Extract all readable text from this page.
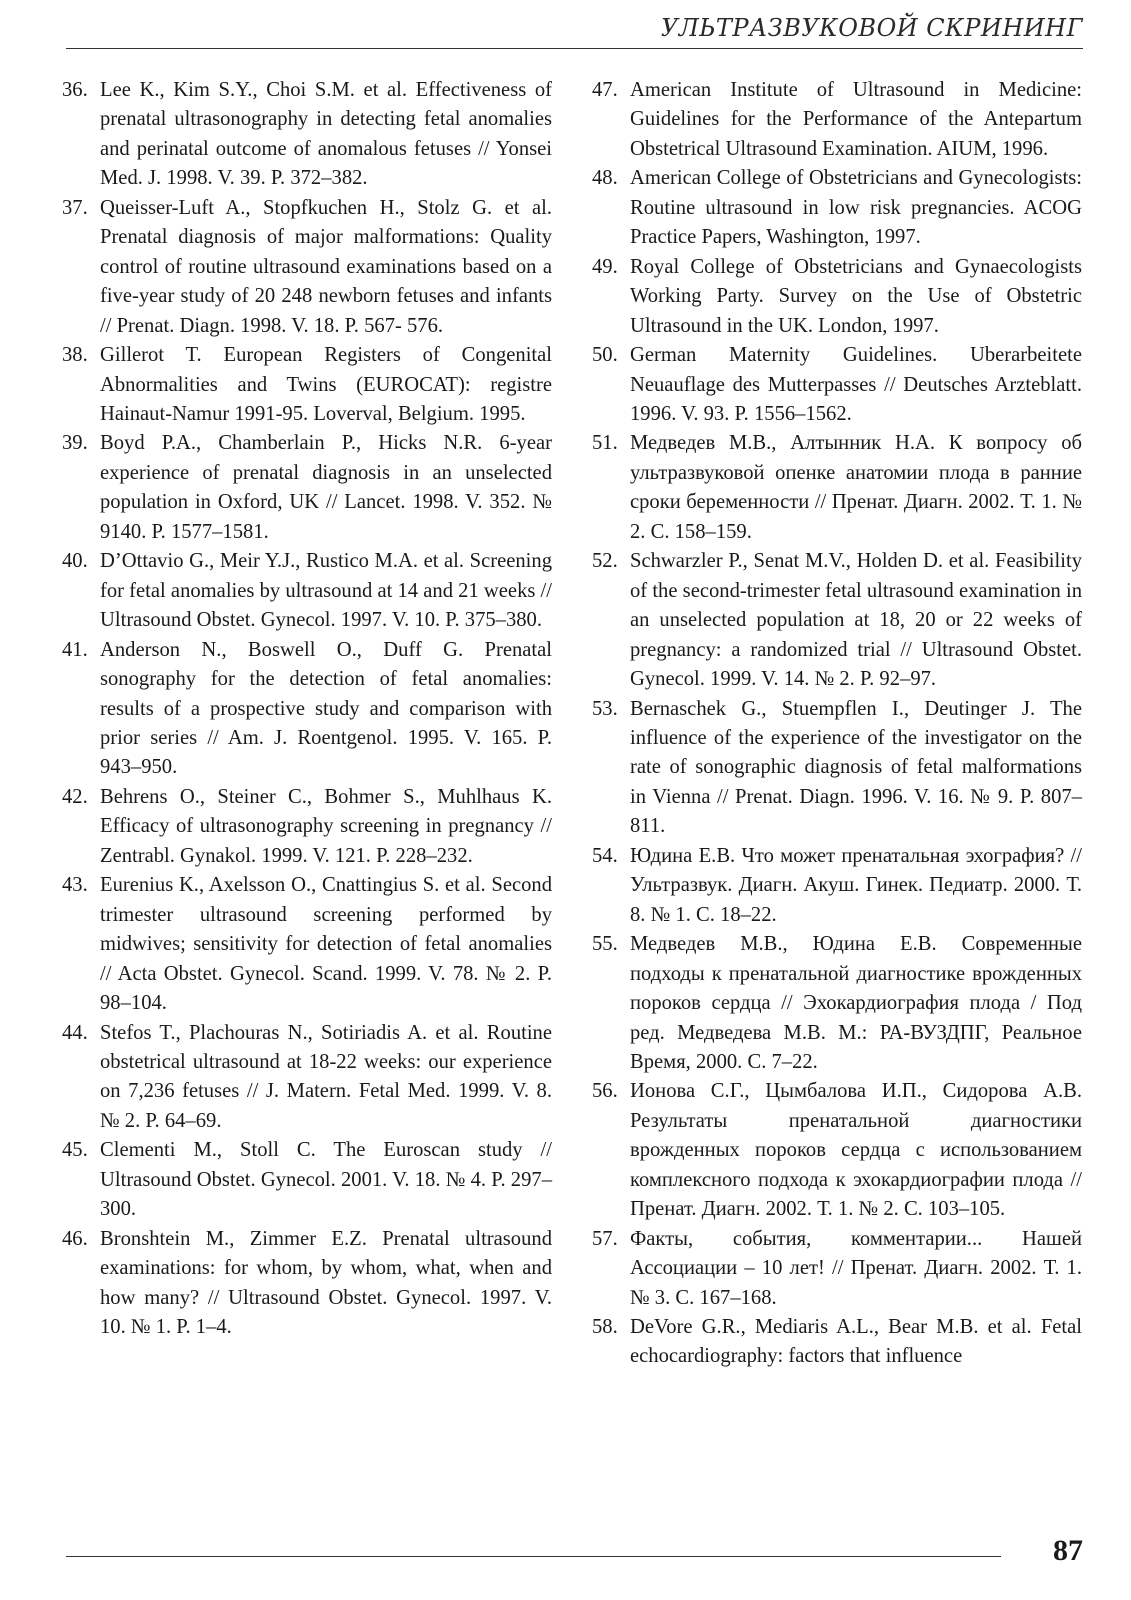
УЛЬТРАЗВУКОВОЙ СКРИНИНГ
36. Lee K., Kim S.Y., Choi S.M. et al. Effectiveness of prenatal ultrasonography in detecting fetal anomalies and perinatal outcome of anomalous fetuses // Yonsei Med. J. 1998. V. 39. P. 372–382.
37. Queisser-Luft A., Stopfkuchen H., Stolz G. et al. Prenatal diagnosis of major malformations: Quality control of routine ultrasound examinations based on a five-year study of 20 248 newborn fetuses and infants // Prenat. Diagn. 1998. V. 18. P. 567- 576.
38. Gillerot T. European Registers of Congenital Abnormalities and Twins (EUROCAT): registre Hainaut-Namur 1991-95. Loverval, Belgium. 1995.
39. Boyd P.A., Chamberlain P., Hicks N.R. 6-year experience of prenatal diagnosis in an unselected population in Oxford, UK // Lancet. 1998. V. 352. № 9140. P. 1577–1581.
40. D’Ottavio G., Meir Y.J., Rustico M.A. et al. Screening for fetal anomalies by ultrasound at 14 and 21 weeks // Ultrasound Obstet. Gynecol. 1997. V. 10. P. 375–380.
41. Anderson N., Boswell O., Duff G. Prenatal sonography for the detection of fetal anomalies: results of a prospective study and comparison with prior series // Am. J. Roentgenol. 1995. V. 165. P. 943–950.
42. Behrens O., Steiner C., Bohmer S., Muhlhaus K. Efficacy of ultrasonography screening in pregnancy // Zentrabl. Gynakol. 1999. V. 121. P. 228–232.
43. Eurenius K., Axelsson O., Cnattingius S. et al. Second trimester ultrasound screening performed by midwives; sensitivity for detection of fetal anomalies // Acta Obstet. Gynecol. Scand. 1999. V. 78. № 2. P. 98–104.
44. Stefos T., Plachouras N., Sotiriadis A. et al. Routine obstetrical ultrasound at 18-22 weeks: our experience on 7,236 fetuses // J. Matern. Fetal Med. 1999. V. 8. № 2. P. 64–69.
45. Clementi M., Stoll C. The Euroscan study // Ultrasound Obstet. Gynecol. 2001. V. 18. № 4. P. 297–300.
46. Bronshtein M., Zimmer E.Z. Prenatal ultrasound examinations: for whom, by whom, what, when and how many? // Ultrasound Obstet. Gynecol. 1997. V. 10. № 1. P. 1–4.
47. American Institute of Ultrasound in Medicine: Guidelines for the Performance of the Antepartum Obstetrical Ultrasound Examination. AIUM, 1996.
48. American College of Obstetricians and Gynecologists: Routine ultrasound in low risk pregnancies. ACOG Practice Papers, Washington, 1997.
49. Royal College of Obstetricians and Gynaecologists Working Party. Survey on the Use of Obstetric Ultrasound in the UK. London, 1997.
50. German Maternity Guidelines. Uberarbeitete Neuauflage des Mutterpasses // Deutsches Arzteblatt. 1996. V. 93. P. 1556–1562.
51. Медведев М.В., Алтынник Н.А. К вопросу об ультразвуковой опенке анатомии плода в ранние сроки беременности // Пренат. Диагн. 2002. Т. 1. № 2. С. 158–159.
52. Schwarzler P., Senat M.V., Holden D. et al. Feasibility of the second-trimester fetal ultrasound examination in an unselected population at 18, 20 or 22 weeks of pregnancy: a randomized trial // Ultrasound Obstet. Gynecol. 1999. V. 14. № 2. P. 92–97.
53. Bernaschek G., Stuempflen I., Deutinger J. The influence of the experience of the investigator on the rate of sonographic diagnosis of fetal malformations in Vienna // Prenat. Diagn. 1996. V. 16. № 9. P. 807–811.
54. Юдина Е.В. Что может пренатальная эхография? // Ультразвук. Диагн. Акуш. Гинек. Педиатр. 2000. Т. 8. № 1. С. 18–22.
55. Медведев М.В., Юдина Е.В. Современные подходы к пренатальной диагностике врожденных пороков сердца // Эхокардиография плода / Под ред. Медведева М.В. М.: РА-ВУЗДПГ, Реальное Время, 2000. С. 7–22.
56. Ионова С.Г., Цымбалова И.П., Сидорова А.В. Результаты пренатальной диагностики врожденных пороков сердца с использованием комплексного подхода к эхокардиографии плода // Пренат. Диагн. 2002. Т. 1. № 2. С. 103–105.
57. Факты, события, комментарии... Нашей Ассоциации – 10 лет! // Пренат. Диагн. 2002. Т. 1. № 3. С. 167–168.
58. DeVore G.R., Mediaris A.L., Bear M.B. et al. Fetal echocardiography: factors that influence
87
